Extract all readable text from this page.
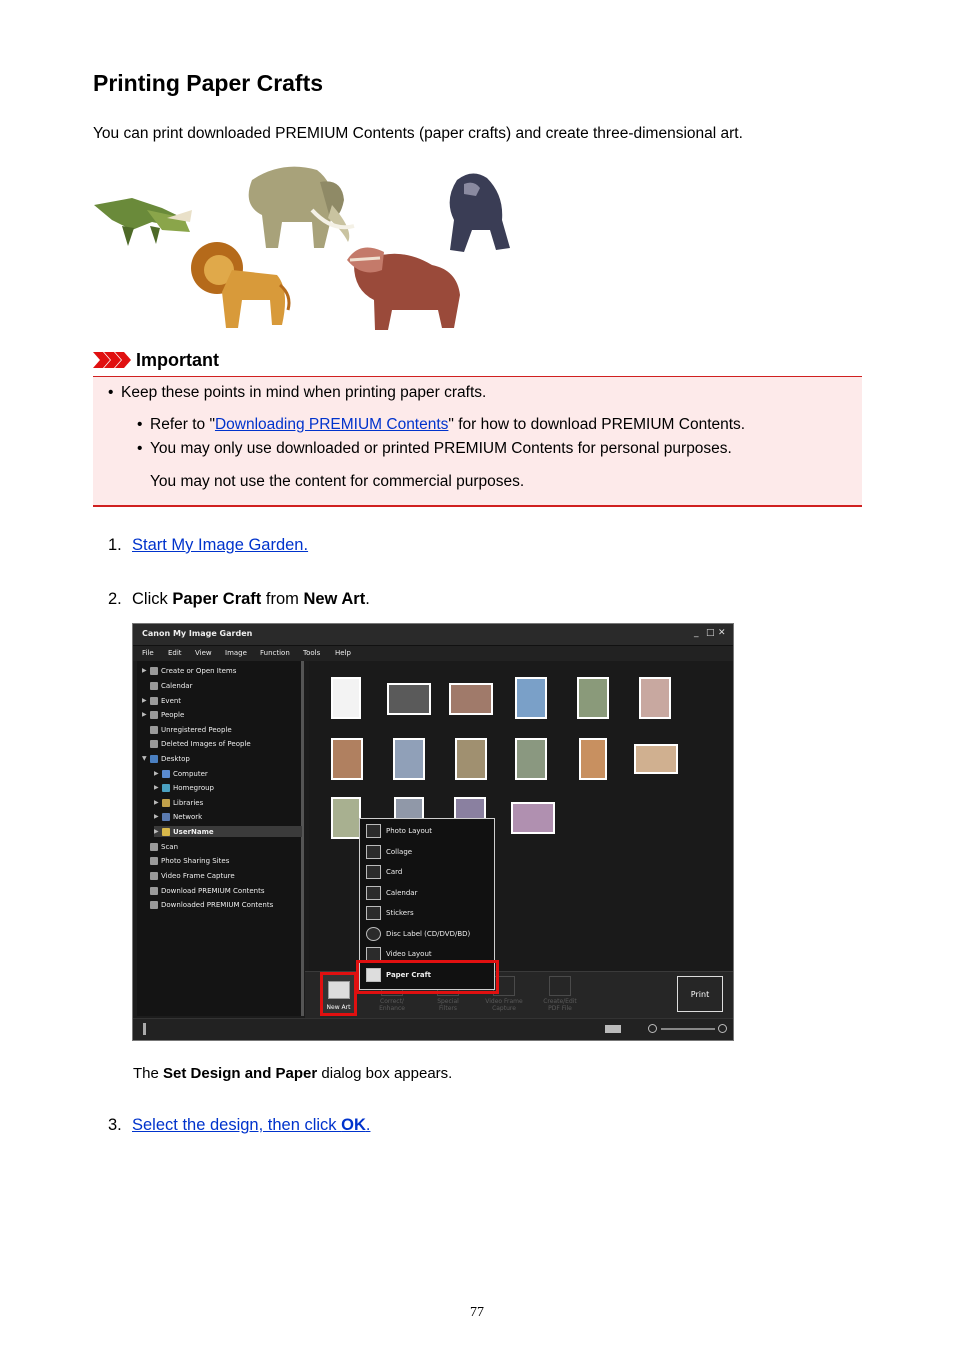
Printing Paper Crafts
You can print downloaded PREMIUM Contents (paper crafts) and create three-dimensional art.
Important
• Keep these points in mind when printing paper crafts.
• Refer to "Downloading PREMIUM Contents" for how to download PREMIUM Contents.
• You may only use downloaded or printed PREMIUM Contents for personal purposes.
You may not use the content for commercial purposes.
1. Start My Image Garden.
2. Click Paper Craft from New Art.
Canon My Image Garden	_ □ ✕
File Edit View Image Function Tools Help
▶	Create or Open Items
Calendar
▶	Event
▶	People
Unregistered People
Deleted Images of People
▼	Desktop
▶	Computer
▶	Homegroup
▶	Libraries
▶	Network
▶	UserName
Scan
Photo Sharing Sites
Video Frame Capture
Download PREMIUM Contents
Downloaded PREMIUM Contents
Correct/
Enhance
Special
Filters
Video Frame
Capture
Create/Edit
PDF File
Print
New Art
Photo Layout
Collage
Card
Calendar
Stickers
Disc Label (CD/DVD/BD)
Video Layout
Paper Craft
The Set Design and Paper dialog box appears.
3. Select the design, then click OK.
77
